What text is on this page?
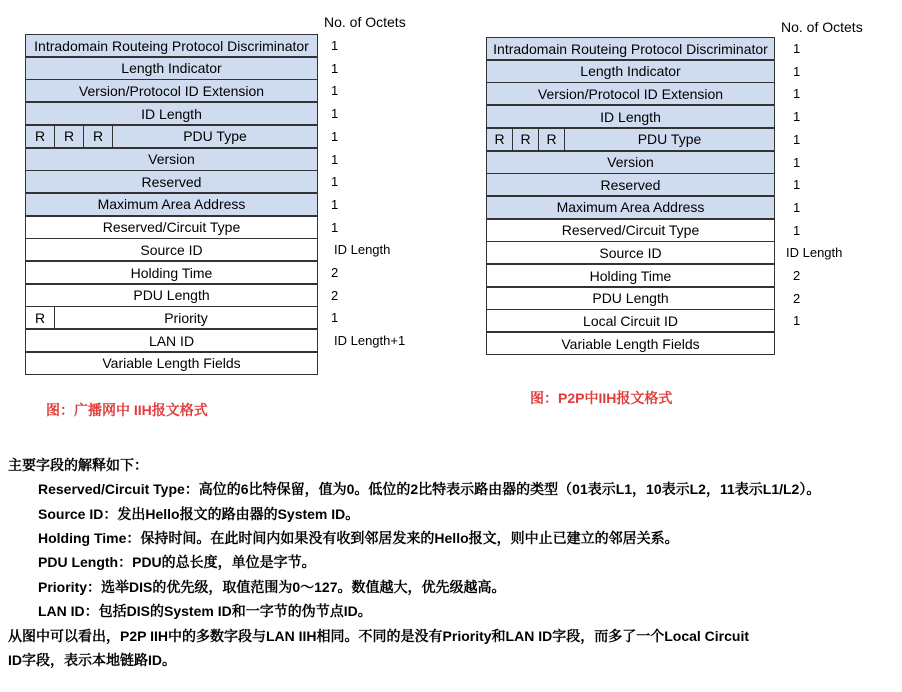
No. of Octets
图：广播网中 IIH报文格式
No. of Octets
图：P2P中IIH报文格式
主要字段的解释如下：
Reserved/Circuit Type：高位的6比特保留，值为0。低位的2比特表示路由器的类型（01表示L1，10表示L2，11表示L1/L2）。
Source ID：发出Hello报文的路由器的System ID。
Holding Time：保持时间。在此时间内如果没有收到邻居发来的Hello报文，则中止已建立的邻居关系。
PDU Length：PDU的总长度，单位是字节。
Priority：选举DIS的优先级，取值范围为0～127。数值越大，优先级越高。
LAN ID：包括DIS的System ID和一字节的伪节点ID。
从图中可以看出，P2P IIH中的多数字段与LAN IIH相同。不同的是没有Priority和LAN ID字段，而多了一个Local Circuit
ID字段，表示本地链路ID。
Intradomain Routeing Protocol Discriminator 1
Length Indicator	1
Version/Protocol ID Extension	1
ID Length	1
R	R	R	PDU Type	1
Version	1
Reserved	1
Maximum Area Address	1
Reserved/Circuit Type	1
Source ID	ID Length
Holding Time	2
PDU Length	2
R	Priority	1
LAN ID	ID Length+1
Variable Length Fields
Intradomain Routeing Protocol Discriminator 1
Length Indicator	1
Version/Protocol ID Extension	1
ID Length	1
R	R	R	PDU Type	1
Version	1
Reserved	1
Maximum Area Address	1
Reserved/Circuit Type	1
Source ID	ID Length
Holding Time	2
PDU Length	2
Local Circuit ID	1
Variable Length Fields
